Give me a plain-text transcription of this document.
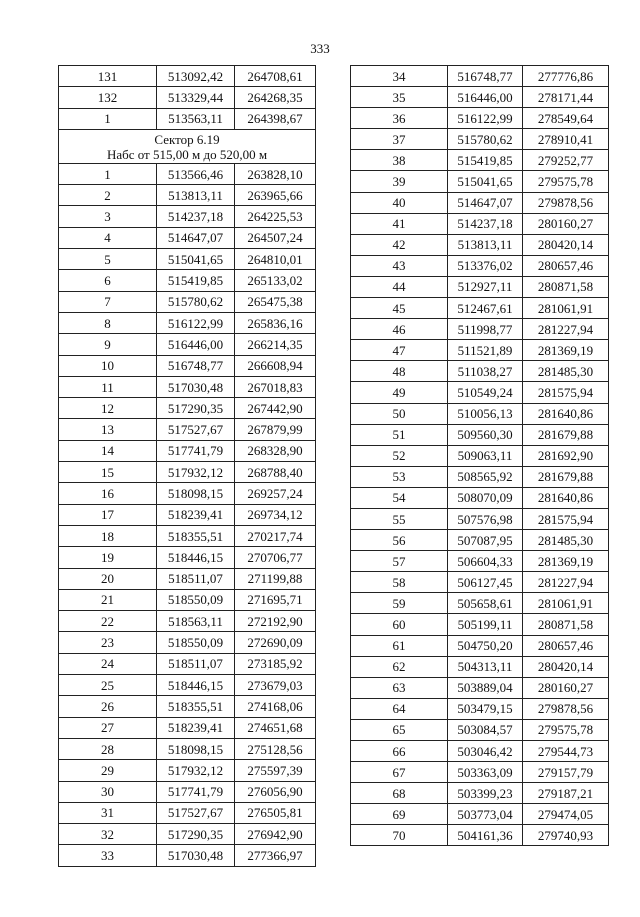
333
131	513092,42	264708,61
132	513329,44	264268,35
1	513563,11	264398,67

Сектор 6.19
Набс от 515,00 м до 520,00 м		

1	513566,46	263828,10
2	513813,11	263965,66
3	514237,18	264225,53
4	514647,07	264507,24
5	515041,65	264810,01
6	515419,85	265133,02
7	515780,62	265475,38
8	516122,99	265836,16
9	516446,00	266214,35
10	516748,77	266608,94
11	517030,48	267018,83
12	517290,35	267442,90
13	517527,67	267879,99
14	517741,79	268328,90
15	517932,12	268788,40
16	518098,15	269257,24
17	518239,41	269734,12
18	518355,51	270217,74
19	518446,15	270706,77
20	518511,07	271199,88
21	518550,09	271695,71
22	518563,11	272192,90
23	518550,09	272690,09
24	518511,07	273185,92
25	518446,15	273679,03
26	518355,51	274168,06
27	518239,41	274651,68
28	518098,15	275128,56
29	517932,12	275597,39
30	517741,79	276056,90
31	517527,67	276505,81
32	517290,35	276942,90
33	517030,48	277366,97
34	516748,77	277776,86
35	516446,00	278171,44
36	516122,99	278549,64
37	515780,62	278910,41
38	515419,85	279252,77
39	515041,65	279575,78
40	514647,07	279878,56
41	514237,18	280160,27
42	513813,11	280420,14
43	513376,02	280657,46
44	512927,11	280871,58
45	512467,61	281061,91
46	511998,77	281227,94
47	511521,89	281369,19
48	511038,27	281485,30
49	510549,24	281575,94
50	510056,13	281640,86
51	509560,30	281679,88
52	509063,11	281692,90
53	508565,92	281679,88
54	508070,09	281640,86
55	507576,98	281575,94
56	507087,95	281485,30
57	506604,33	281369,19
58	506127,45	281227,94
59	505658,61	281061,91
60	505199,11	280871,58
61	504750,20	280657,46
62	504313,11	280420,14
63	503889,04	280160,27
64	503479,15	279878,56
65	503084,57	279575,78
66	503046,42	279544,73
67	503363,09	279157,79
68	503399,23	279187,21
69	503773,04	279474,05
70	504161,36	279740,93
